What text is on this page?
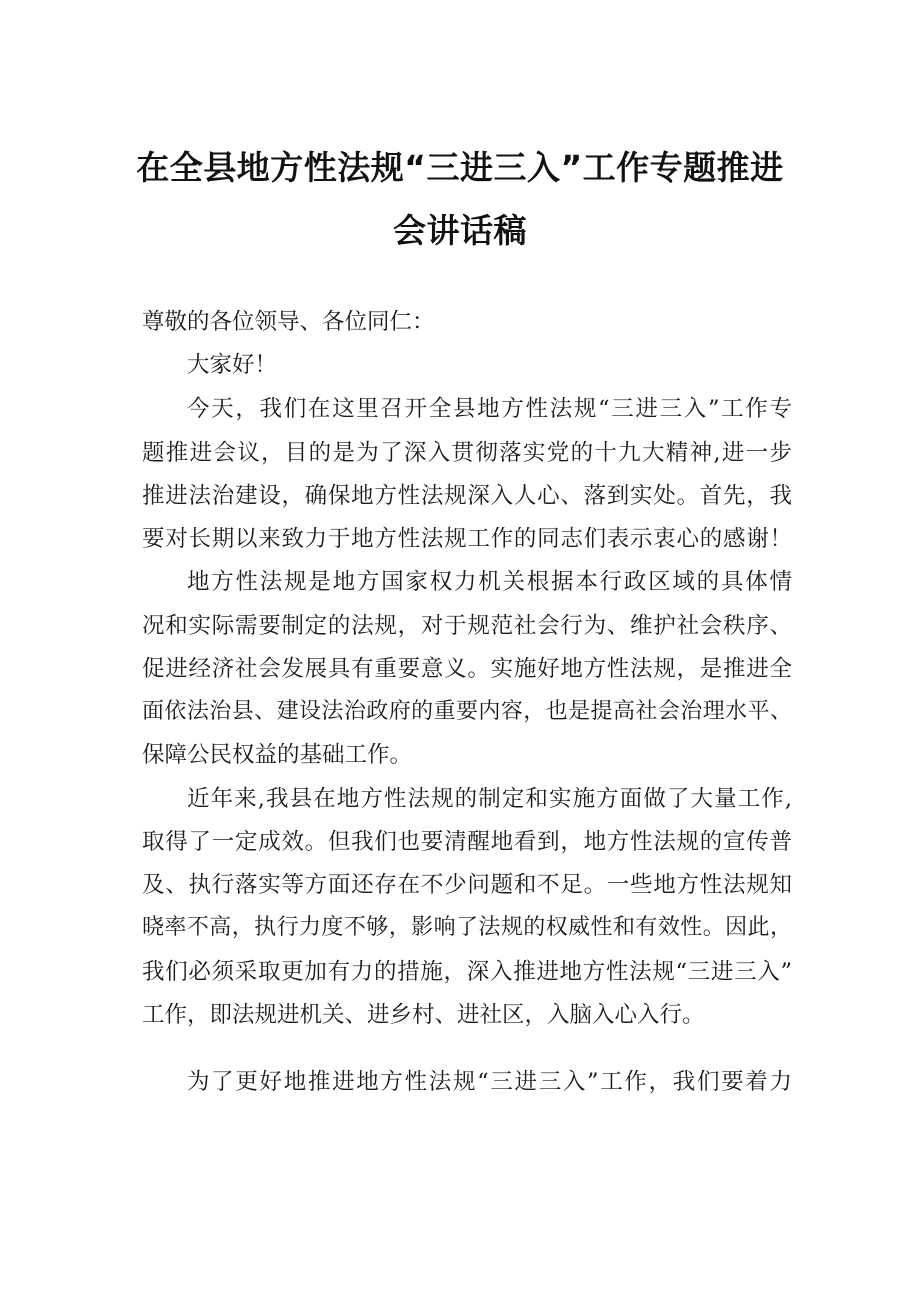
在全县地方性法规“三进三入”工作专题推进
会讲话稿
尊敬的各位领导、各位同仁：
大家好！
今天，我们在这里召开全县地方性法规“三进三入”工作专
题推进会议，目的是为了深入贯彻落实党的十九大精神,进一步
推进法治建设，确保地方性法规深入人心、落到实处。首先，我
要对长期以来致力于地方性法规工作的同志们表示衷心的感谢！
地方性法规是地方国家权力机关根据本行政区域的具体情
况和实际需要制定的法规，对于规范社会行为、维护社会秩序、
促进经济社会发展具有重要意义。实施好地方性法规，是推进全
面依法治县、建设法治政府的重要内容，也是提高社会治理水平、
保障公民权益的基础工作。
近年来,我县在地方性法规的制定和实施方面做了大量工作,
取得了一定成效。但我们也要清醒地看到，地方性法规的宣传普
及、执行落实等方面还存在不少问题和不足。一些地方性法规知
晓率不高，执行力度不够，影响了法规的权威性和有效性。因此，
我们必须采取更加有力的措施，深入推进地方性法规“三进三入”
工作，即法规进机关、进乡村、进社区，入脑入心入行。
为了更好地推进地方性法规“三进三入”工作，我们要着力
